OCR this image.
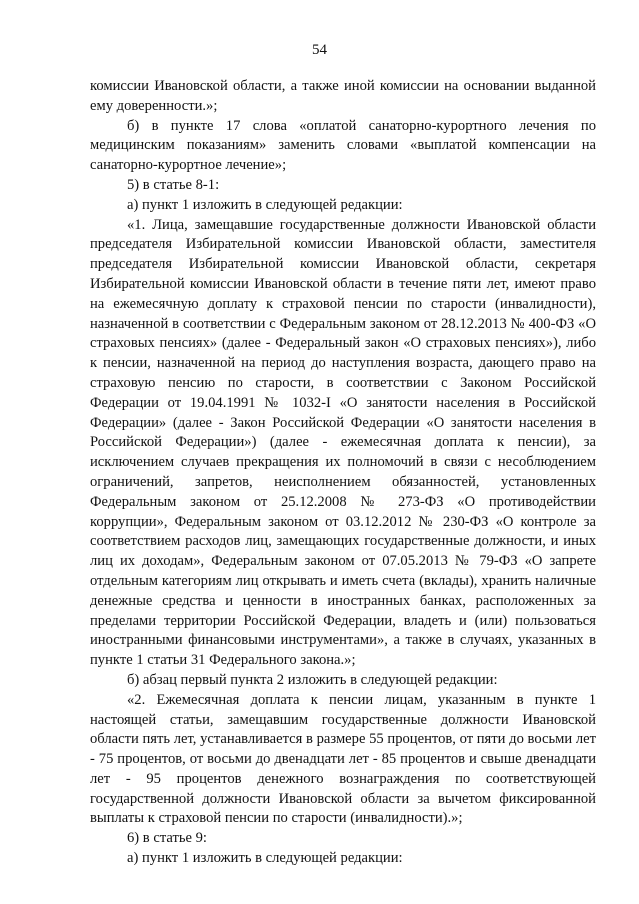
54

комиссии Ивановской области, а также иной комиссии на основании выданной ему доверенности.»;

б) в пункте 17 слова «оплатой санаторно-курортного лечения по медицинским показаниям» заменить словами «выплатой компенсации на санаторно-курортное лечение»;

5) в статье 8-1:

а) пункт 1 изложить в следующей редакции:

«1. Лица, замещавшие государственные должности Ивановской области председателя Избирательной комиссии Ивановской области, заместителя председателя Избирательной комиссии Ивановской области, секретаря Избирательной комиссии Ивановской области в течение пяти лет, имеют право на ежемесячную доплату к страховой пенсии по старости (инвалидности), назначенной в соответствии с Федеральным законом от 28.12.2013 № 400-ФЗ «О страховых пенсиях» (далее - Федеральный закон «О страховых пенсиях»), либо к пенсии, назначенной на период до наступления возраста, дающего право на страховую пенсию по старости, в соответствии с Законом Российской Федерации от 19.04.1991 № 1032-I «О занятости населения в Российской Федерации» (далее - Закон Российской Федерации «О занятости населения в Российской Федерации») (далее - ежемесячная доплата к пенсии), за исключением случаев прекращения их полномочий в связи с несоблюдением ограничений, запретов, неисполнением обязанностей, установленных Федеральным законом от 25.12.2008 № 273-ФЗ «О противодействии коррупции», Федеральным законом от 03.12.2012 № 230-ФЗ «О контроле за соответствием расходов лиц, замещающих государственные должности, и иных лиц их доходам», Федеральным законом от 07.05.2013 № 79-ФЗ «О запрете отдельным категориям лиц открывать и иметь счета (вклады), хранить наличные денежные средства и ценности в иностранных банках, расположенных за пределами территории Российской Федерации, владеть и (или) пользоваться иностранными финансовыми инструментами», а также в случаях, указанных в пункте 1 статьи 31 Федерального закона.»;

б) абзац первый пункта 2 изложить в следующей редакции:

«2. Ежемесячная доплата к пенсии лицам, указанным в пункте 1 настоящей статьи, замещавшим государственные должности Ивановской области пять лет, устанавливается в размере 55 процентов, от пяти до восьми лет - 75 процентов, от восьми до двенадцати лет - 85 процентов и свыше двенадцати лет - 95 процентов денежного вознаграждения по соответствующей государственной должности Ивановской области за вычетом фиксированной выплаты к страховой пенсии по старости (инвалидности).»;

6) в статье 9:

а) пункт 1 изложить в следующей редакции:
